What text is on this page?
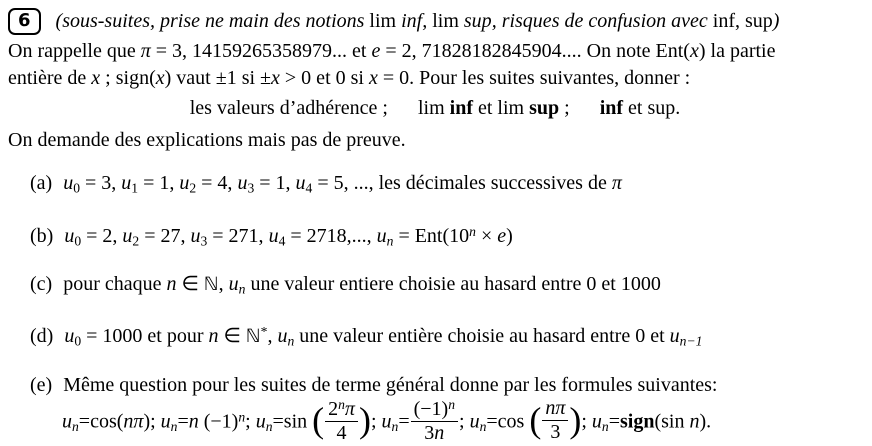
6 (sous-suites, prise ne main des notions lim inf, lim sup, risques de confusion avec inf, sup)
On rappelle que π = 3, 14159265358979... et e = 2, 71828182845904.... On note Ent(x) la partie
entière de x ; sign(x) vaut ±1 si ±x > 0 et 0 si x = 0. Pour les suites suivantes, donner :
les valeurs d’adhérence ; lim inf et lim sup ; inf et sup.
On demande des explications mais pas de preuve.
(a) $u_0 = 3$, $u_1 = 1$, $u_2 = 4$, $u_3 = 1$, $u_4 = 5$, ..., les décimales successives de π
(b) $u_0 = 2$, $u_2 = 27$, $u_3 = 271$, $u_4 = 2718$,..., un = $Ent(10^n \times e)$
(c) pour chaque n ∈ ℕ, un une valeur entiere choisie au hasard entre 0 et 1000
(d) $u_0 = 1000$ et pour n ∈ ℕ*, un une valeur entière choisie au hasard entre 0 et un−1
(e) Même question pour les suites de terme général donne par les formules suivantes:
un=cos(nπ); un=n $(-1)^n$; un=sin ( $\frac{2^n\pi}{4}$ ); $un= \frac{(-1)^n}{3n}$ ; un=cos ( $\frac{n\pi}{3}$ ); un=sign(sin n).
